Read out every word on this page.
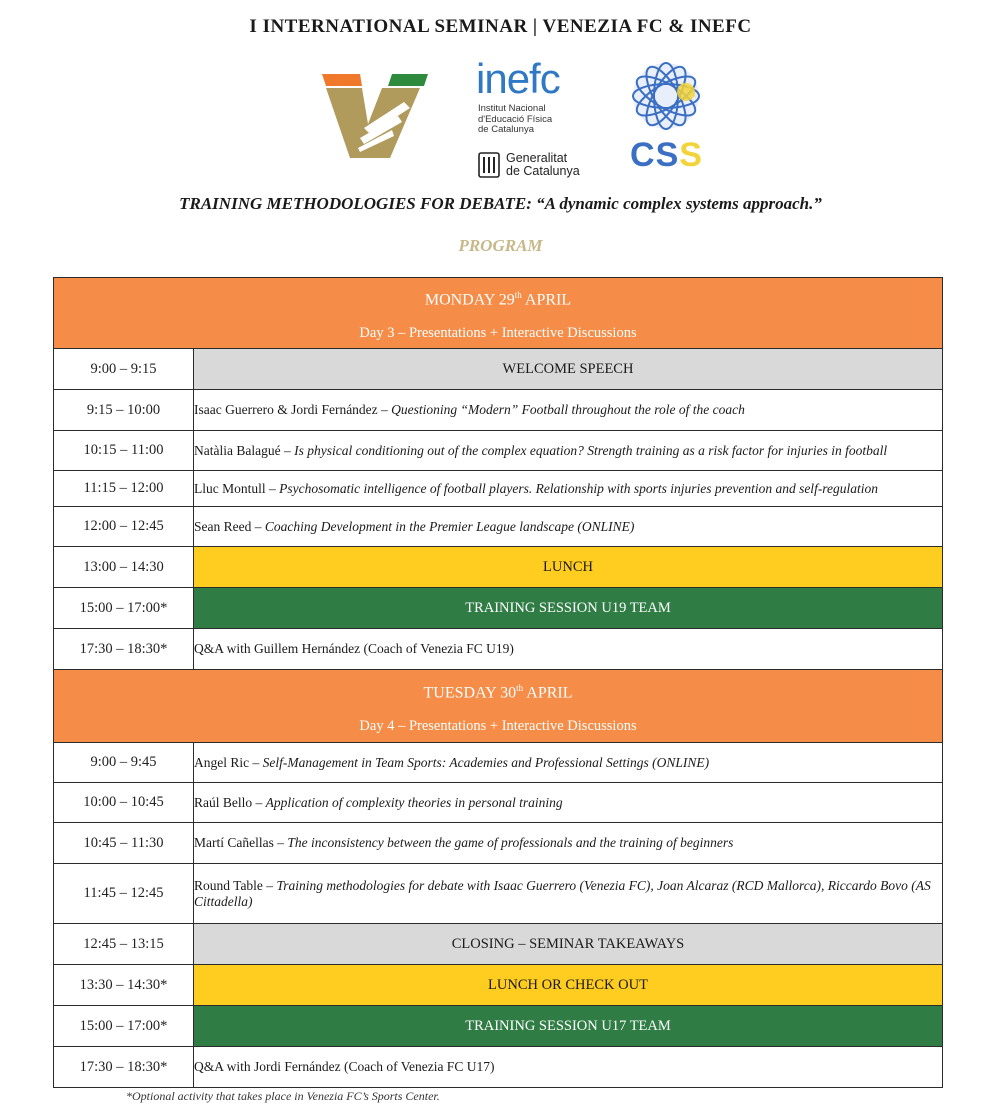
I INTERNATIONAL SEMINAR | VENEZIA FC & INEFC
inefc
Institut Nacional
d'Educació Física
de Catalunya
Generalitat
de Catalunya	CSS
TRAINING METHODOLOGIES FOR DEBATE: “A dynamic complex systems approach.”
PROGRAM
MONDAY 29th APRIL
Day 3 – Presentations + Interactive Discussions	

9:00 – 9:15	WELCOME SPEECH
9:15 – 10:00	Isaac Guerrero & Jordi Fernández – Questioning “Modern” Football throughout the role of the coach
10:15 – 11:00	Natàlia Balagué – Is physical conditioning out of the complex equation? Strength training as a risk factor for injuries in football
11:15 – 12:00	Lluc Montull – Psychosomatic intelligence of football players. Relationship with sports injuries prevention and self-regulation
12:00 – 12:45	Sean Reed – Coaching Development in the Premier League landscape (ONLINE)
13:00 – 14:30	LUNCH
15:00 – 17:00*	TRAINING SESSION U19 TEAM
17:30 – 18:30*	Q&A with Guillem Hernández (Coach of Venezia FC U19)

TUESDAY 30th APRIL
Day 4 – Presentations + Interactive Discussions	

9:00 – 9:45	Angel Ric – Self-Management in Team Sports: Academies and Professional Settings (ONLINE)
10:00 – 10:45	Raúl Bello – Application of complexity theories in personal training
10:45 – 11:30	Martí Cañellas – The inconsistency between the game of professionals and the training of beginners
11:45 – 12:45	Round Table – Training methodologies for debate with Isaac Guerrero (Venezia FC), Joan Alcaraz (RCD Mallorca), Riccardo Bovo (AS Cittadella)
12:45 – 13:15	CLOSING – SEMINAR TAKEAWAYS
13:30 – 14:30*	LUNCH OR CHECK OUT
15:00 – 17:00*	TRAINING SESSION U17 TEAM
17:30 – 18:30*	Q&A with Jordi Fernández (Coach of Venezia FC U17)
*Optional activity that takes place in Venezia FC’s Sports Center.
